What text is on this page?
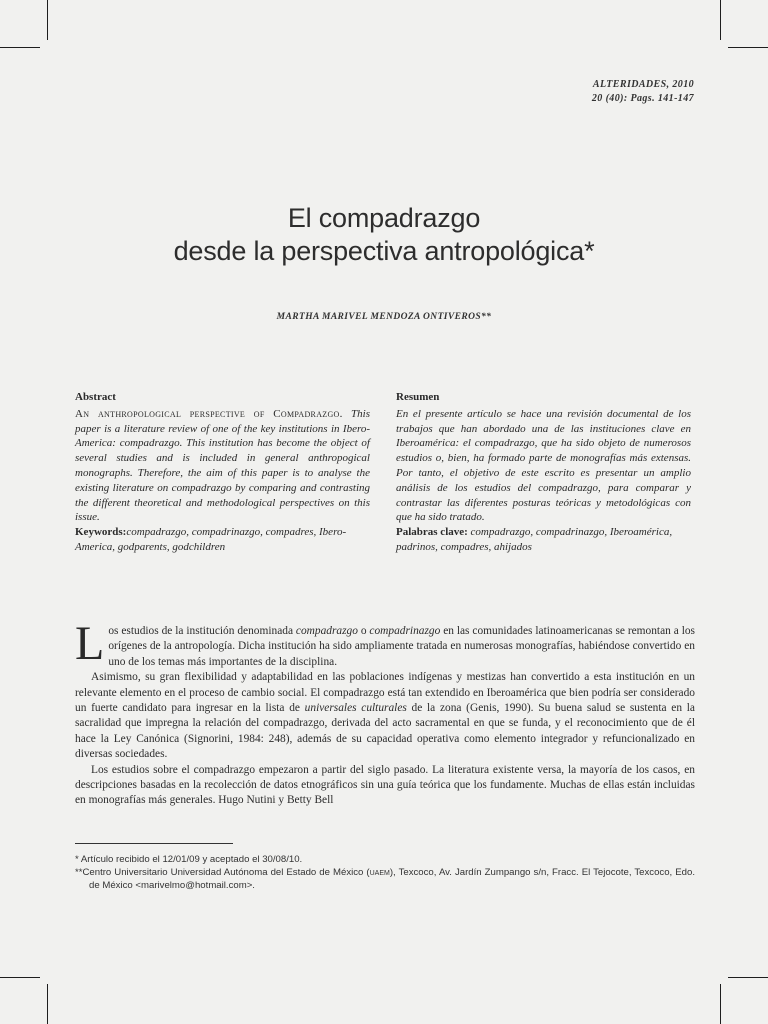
ALTERIDADES, 2010
20 (40): Pags. 141-147
El compadrazgo
desde la perspectiva antropológica*
MARTHA MARIVEL MENDOZA ONTIVEROS**
Abstract

An anthropological perspective of Compadrazgo. This paper is a literature review of one of the key institutions in Ibero-America: compadrazgo. This institution has become the object of several studies and is included in general anthropogical monographs. Therefore, the aim of this paper is to analyse the existing literature on compadrazgo by comparing and contrasting the different theoretical and methodological perspectives on this issue.

Keywords:compadrazgo, compadrinazgo, compadres, Ibero-America, godparents, godchildren

Resumen

En el presente artículo se hace una revisión documental de los trabajos que han abordado una de las instituciones clave en Iberoamérica: el compadrazgo, que ha sido objeto de numerosos estudios o, bien, ha formado parte de monografías más extensas. Por tanto, el objetivo de este escrito es presentar un amplio análisis de los estudios del compadrazgo, para comparar y contrastar las diferentes posturas teóricas y metodológicas con que ha sido tratado.

Palabras clave: compadrazgo, compadrinazgo, Iberoamérica, padrinos, compadres, ahijados

Los estudios de la institución denominada compadrazgo o compadrinazgo en las comunidades latinoamericanas se remontan a los orígenes de la antropología. Dicha institución ha sido ampliamente tratada en numerosas monografías, habiéndose convertido en uno de los temas más importantes de la disciplina.

Asimismo, su gran flexibilidad y adaptabilidad en las poblaciones indígenas y mestizas han convertido a esta institución en un relevante elemento en el proceso de cambio social. El compadrazgo está tan extendido en Iberoamérica que bien podría ser considerado un fuerte candidato para ingresar en la lista de universales culturales de la zona (Genis, 1990). Su buena salud se sustenta en la sacralidad que impregna la relación del compadrazgo, derivada del acto sacramental en que se funda, y el reconocimiento que de él hace la Ley Canónica (Signorini, 1984: 248), además de su capacidad operativa como elemento integrador y refuncionalizado en diversas sociedades.

Los estudios sobre el compadrazgo empezaron a partir del siglo pasado. La literatura existente versa, la mayoría de los casos, en descripciones basadas en la recolección de datos etnográficos sin una guía teórica que los fundamente. Muchas de ellas están incluidas en monografías más generales. Hugo Nutini y Betty Bell

* Artículo recibido el 12/01/09 y aceptado el 30/08/10.

**Centro Universitario Universidad Autónoma del Estado de México (uaem), Texcoco, Av. Jardín Zumpango s/n, Fracc. El Tejocote, Texcoco, Edo. de México <marivelmo@hotmail.com>.
